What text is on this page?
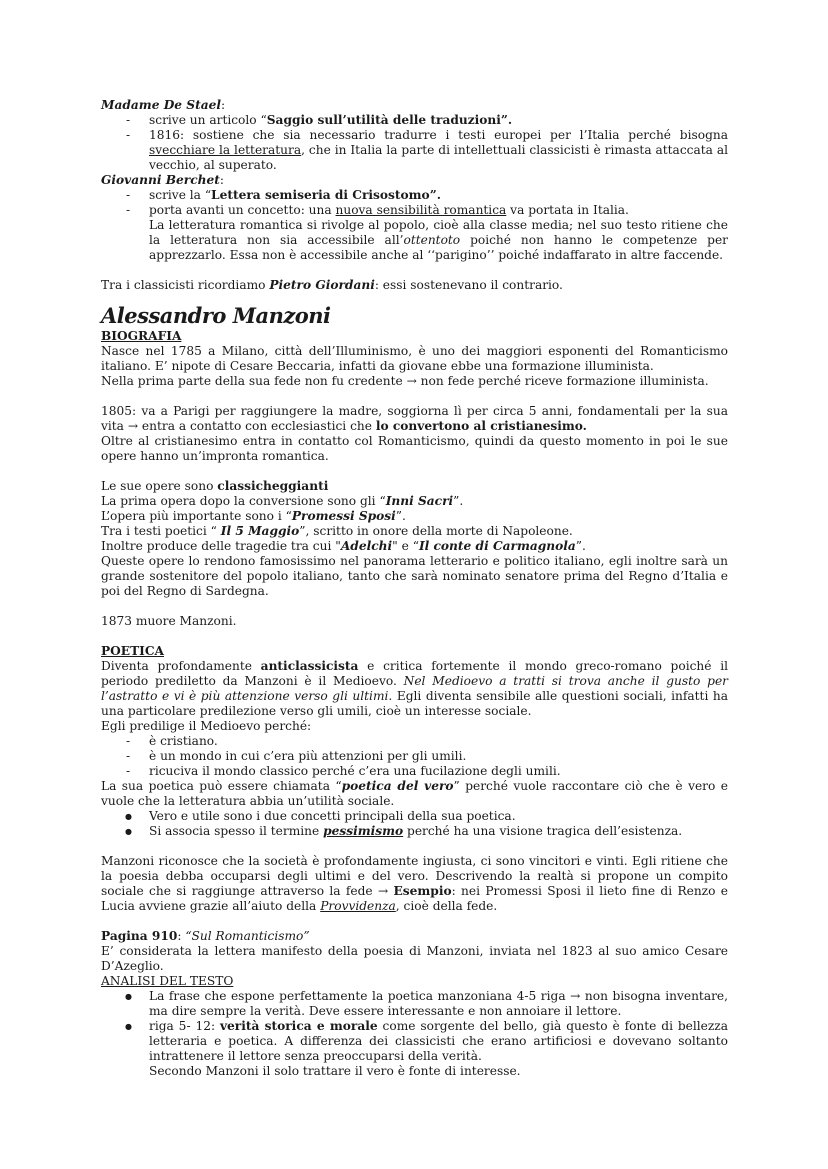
Madame De Stael:

- scrive un articolo “Saggio sull’utilità delle traduzioni”.
- 1816: sostiene che sia necessario tradurre i testi europei per l’Italia perché bisogna svecchiare la letteratura, che in Italia la parte di intellettuali classicisti è rimasta attaccata al vecchio, al superato.

Giovanni Berchet:

- scrive la “Lettera semiseria di Crisostomo”.
- porta avanti un concetto: una nuova sensibilità romantica va portata in Italia.
La letteratura romantica si rivolge al popolo, cioè alla classe media; nel suo testo ritiene che la letteratura non sia accessibile all’ottentoto poiché non hanno le competenze per apprezzarlo. Essa non è accessibile anche al ‘‘parigino’’ poiché indaffarato in altre faccende.

Tra i classicisti ricordiamo Pietro Giordani: essi sostenevano il contrario.

Alessandro Manzoni

BIOGRAFIA

Nasce nel 1785 a Milano, città dell’Illuminismo, è uno dei maggiori esponenti del Romanticismo italiano. E’ nipote di Cesare Beccaria, infatti da giovane ebbe una formazione illuminista.

Nella prima parte della sua fede non fu credente → non fede perché riceve formazione illuminista.

1805: va a Parigi per raggiungere la madre, soggiorna lì per circa 5 anni, fondamentali per la sua vita → entra a contatto con ecclesiastici che lo convertono al cristianesimo.

Oltre al cristianesimo entra in contatto col Romanticismo, quindi da questo momento in poi le sue opere hanno un’impronta romantica.

Le sue opere sono classicheggianti

La prima opera dopo la conversione sono gli “Inni Sacri”.

L’opera più importante sono i “Promessi Sposi”.

Tra i testi poetici “ Il 5 Maggio”, scritto in onore della morte di Napoleone.

Inoltre produce delle tragedie tra cui "Adelchi" e “Il conte di Carmagnola”.

Queste opere lo rendono famosissimo nel panorama letterario e politico italiano, egli inoltre sarà un grande sostenitore del popolo italiano, tanto che sarà nominato senatore prima del Regno d’Italia e poi del Regno di Sardegna.

1873 muore Manzoni.

POETICA

Diventa profondamente anticlassicista e critica fortemente il mondo greco-romano poiché il periodo prediletto da Manzoni è il Medioevo. Nel Medioevo a tratti si trova anche il gusto per l’astratto e vi è più attenzione verso gli ultimi. Egli diventa sensibile alle questioni sociali, infatti ha una particolare predilezione verso gli umili, cioè un interesse sociale.

Egli predilige il Medioevo perché:

- è cristiano.
- è un mondo in cui c’era più attenzioni per gli umili.
- ricuciva il mondo classico perché c’era una fucilazione degli umili.

La sua poetica può essere chiamata “poetica del vero” perché vuole raccontare ciò che è vero e vuole che la letteratura abbia un’utilità sociale.

● Vero e utile sono i due concetti principali della sua poetica.
● Si associa spesso il termine pessimismo perché ha una visione tragica dell’esistenza.

Manzoni riconosce che la società è profondamente ingiusta, ci sono vincitori e vinti. Egli ritiene che la poesia debba occuparsi degli ultimi e del vero. Descrivendo la realtà si propone un compito sociale che si raggiunge attraverso la fede → Esempio: nei Promessi Sposi il lieto fine di Renzo e Lucia avviene grazie all’aiuto della Provvidenza, cioè della fede.

Pagina 910: “Sul Romanticismo”

E’ considerata la lettera manifesto della poesia di Manzoni, inviata nel 1823 al suo amico Cesare D’Azeglio.

ANALISI DEL TESTO

● La frase che espone perfettamente la poetica manzoniana 4-5 riga → non bisogna inventare, ma dire sempre la verità. Deve essere interessante e non annoiare il lettore.
● riga 5- 12: verità storica e morale come sorgente del bello, già questo è fonte di bellezza letteraria e poetica. A differenza dei classicisti che erano artificiosi e dovevano soltanto intrattenere il lettore senza preoccuparsi della verità.
Secondo Manzoni il solo trattare il vero è fonte di interesse.
